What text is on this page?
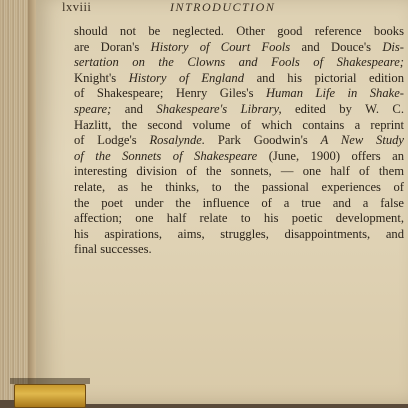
lxviii	INTRODUCTION
should not be neglected. Other good reference books
are Doran's History of Court Fools and Douce's Dis-
sertation on the Clowns and Fools of Shakespeare;
Knight's History of England and his pictorial edition
of Shakespeare; Henry Giles's Human Life in Shake-
speare; and Shakespeare's Library, edited by W. C.
Hazlitt, the second volume of which contains a reprint
of Lodge's Rosalynde. Park Goodwin's A New Study
of the Sonnets of Shakespeare (June, 1900) offers an
interesting division of the sonnets, — one half of them
relate, as he thinks, to the passional experiences of
the poet under the influence of a true and a false
affection; one half relate to his poetic development,
his aspirations, aims, struggles, disappointments, and
final successes.
